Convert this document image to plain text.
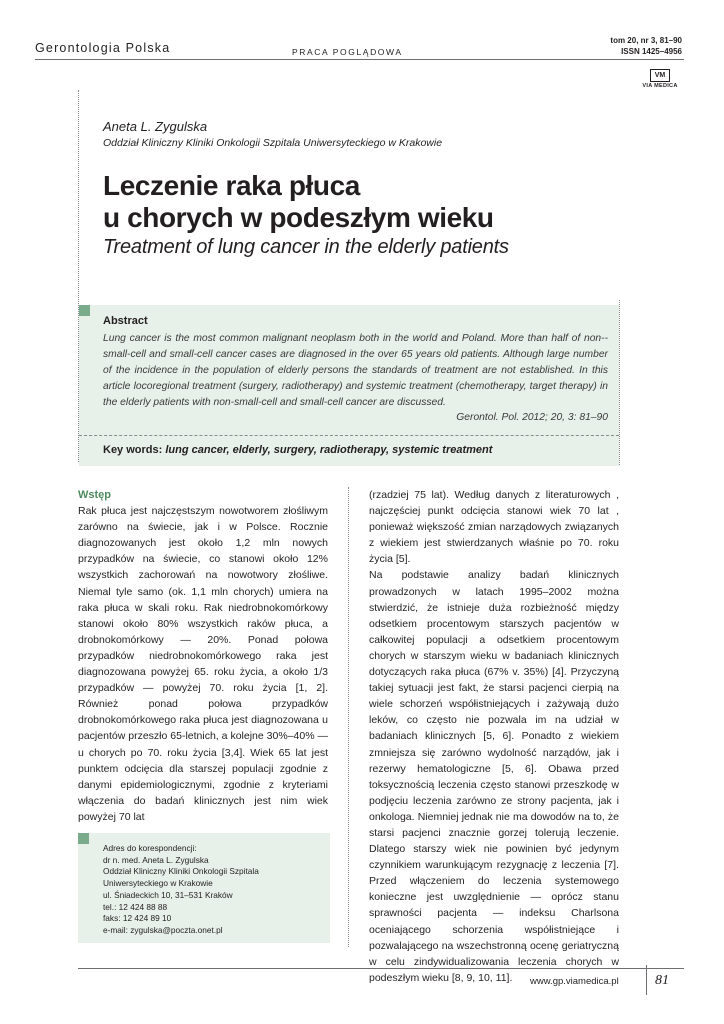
Gerontologia Polska	PRACA POGLĄDOWA
tom 20, nr 3, 81–90
ISSN 1425–4956
VM
VIA MEDICA
Aneta L. Zygulska
Oddział Kliniczny Kliniki Onkologii Szpitala Uniwersyteckiego w Krakowie
Leczenie raka płuca
u chorych w podeszłym wieku
Treatment of lung cancer in the elderly patients
Abstract
Lung cancer is the most common malignant neoplasm both in the world and Poland. More than half of non--small-cell and small-cell cancer cases are diagnosed in the over 65 years old patients. Although large number of the incidence in the population of elderly persons the standards of treatment are not established. In this article locoregional treatment (surgery, radiotherapy) and systemic treatment (chemotherapy, target therapy) in the elderly patients with non-small-cell and small-cell cancer are discussed.
Gerontol. Pol. 2012; 20, 3: 81–90
Key words: lung cancer, elderly, surgery, radiotherapy, systemic treatment
Wstęp
Rak płuca jest najczęstszym nowotworem złośliwym zarówno na świecie, jak i w Polsce. Rocznie diagnozowanych jest około 1,2 mln nowych przypadków na świecie, co stanowi około 12% wszystkich zachorowań na nowotwory złośliwe. Niemal tyle samo (ok. 1,1 mln chorych) umiera na raka płuca w skali roku. Rak niedrobnokomórkowy stanowi około 80% wszystkich raków płuca, a drobnokomórkowy — 20%. Ponad połowa przypadków niedrobnokomórkowego raka jest diagnozowana powyżej 65. roku życia, a około 1/3 przypadków — powyżej 70. roku życia [1, 2]. Również ponad połowa przypadków drobnokomórkowego raka płuca jest diagnozowana u pacjentów przeszło 65-letnich, a kolejne 30%–40% — u chorych po 70. roku życia [3,4]. Wiek 65 lat jest punktem odcięcia dla starszej populacji zgodnie z danymi epidemiologicznymi, zgodnie z kryteriami włączenia do badań klinicznych jest nim wiek powyżej 70 lat
(rzadziej 75 lat). Według danych z literaturowych , najczęściej punkt odcięcia stanowi wiek 70 lat , ponieważ większość zmian narządowych związanych z wiekiem jest stwierdzanych właśnie po 70. roku życia [5].
Na podstawie analizy badań klinicznych prowadzonych w latach 1995–2002 można stwierdzić, że istnieje duża rozbieżność między odsetkiem procentowym starszych pacjentów w całkowitej populacji a odsetkiem procentowym chorych w starszym wieku w badaniach klinicznych dotyczących raka płuca (67% v. 35%) [4]. Przyczyną takiej sytuacji jest fakt, że starsi pacjenci cierpią na wiele schorzeń współistniejących i zażywają dużo leków, co często nie pozwala im na udział w badaniach klinicznych [5, 6]. Ponadto z wiekiem zmniejsza się zarówno wydolność narządów, jak i rezerwy hematologiczne [5, 6]. Obawa przed toksycznością leczenia często stanowi przeszkodę w podjęciu leczenia zarówno ze strony pacjenta, jak i onkologa. Niemniej jednak nie ma dowodów na to, że starsi pacjenci znacznie gorzej tolerują leczenie. Dlatego starszy wiek nie powinien być jedynym czynnikiem warunkującym rezygnację z leczenia [7]. Przed włączeniem do leczenia systemowego konieczne jest uwzględnienie — oprócz stanu sprawności pacjenta — indeksu Charlsona oceniającego schorzenia współistniejące i pozwalającego na wszechstronną ocenę geriatryczną w celu zindywidualizowania leczenia chorych w podeszłym wieku [8, 9, 10, 11].
Adres do korespondencji:
dr n. med. Aneta L. Zygulska
Oddział Kliniczny Kliniki Onkologii Szpitala
Uniwersyteckiego w Krakowie
ul. Śniadeckich 10, 31–531 Kraków
tel.: 12 424 88 88
faks: 12 424 89 10
e-mail: zygulska@poczta.onet.pl
www.gp.viamedica.pl	81
